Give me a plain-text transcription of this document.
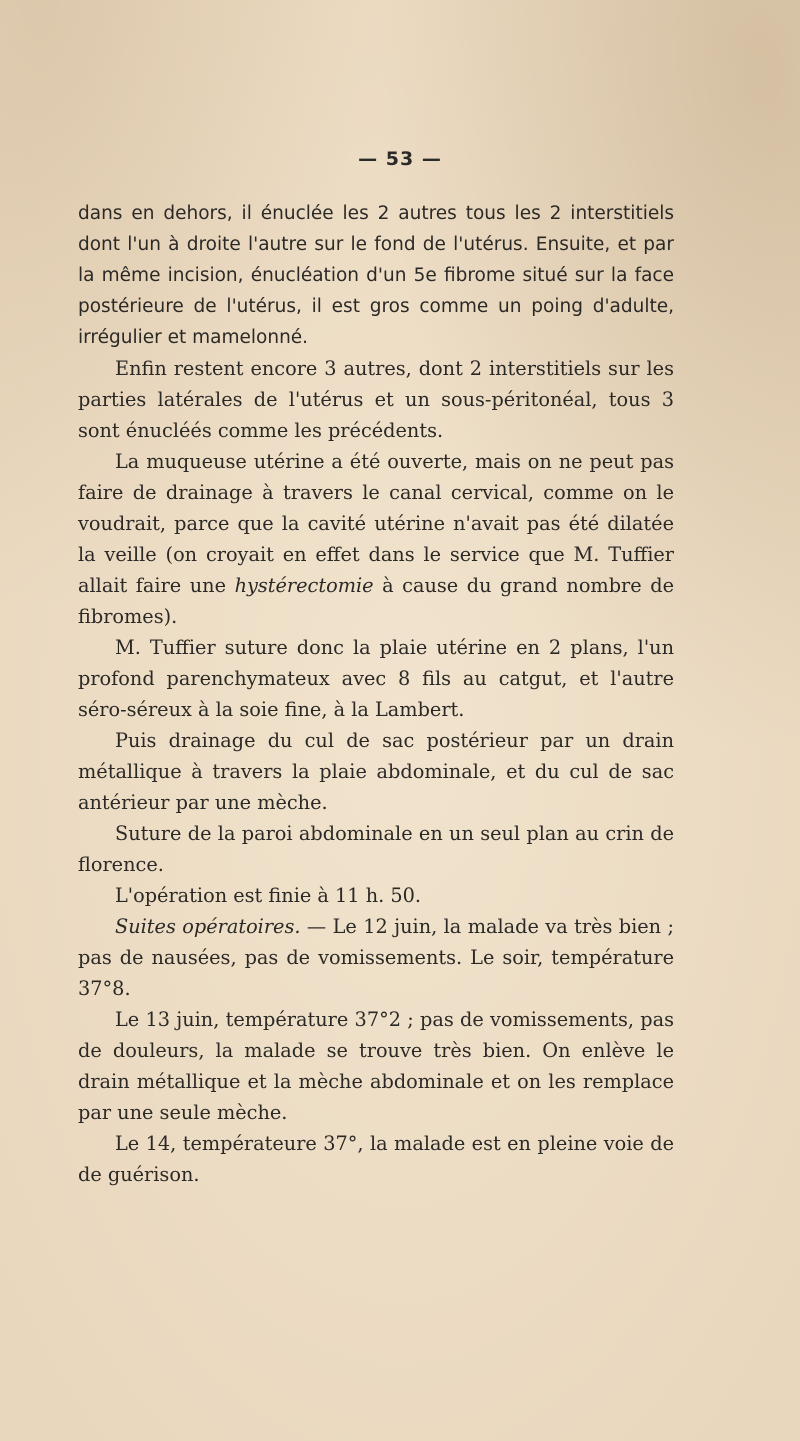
— 53 —

dans en dehors, il énuclée les 2 autres tous les 2 interstitiels dont l'un à droite l'autre sur le fond de l'utérus. Ensuite, et par la même incision, énucléation d'un 5e fibrome situé sur la face postérieure de l'utérus, il est gros comme un poing d'adulte, irrégulier et mamelonné.

Enfin restent encore 3 autres, dont 2 interstitiels sur les parties latérales de l'utérus et un sous-péritonéal, tous 3 sont énucléés comme les précédents.

La muqueuse utérine a été ouverte, mais on ne peut pas faire de drainage à travers le canal cervical, comme on le voudrait, parce que la cavité utérine n'avait pas été dilatée la veille (on croyait en effet dans le service que M. Tuffier allait faire une hystérectomie à cause du grand nombre de fibromes).

M. Tuffier suture donc la plaie utérine en 2 plans, l'un profond parenchymateux avec 8 fils au catgut, et l'autre séro-séreux à la soie fine, à la Lambert.

Puis drainage du cul de sac postérieur par un drain métallique à travers la plaie abdominale, et du cul de sac antérieur par une mèche.

Suture de la paroi abdominale en un seul plan au crin de florence.

L'opération est finie à 11 h. 50.

Suites opératoires. — Le 12 juin, la malade va très bien ; pas de nausées, pas de vomissements. Le soir, température 37°8.

Le 13 juin, température 37°2 ; pas de vomissements, pas de douleurs, la malade se trouve très bien. On enlève le drain métallique et la mèche abdominale et on les remplace par une seule mèche.

Le 14, températeure 37°, la malade est en pleine voie de de guérison.
